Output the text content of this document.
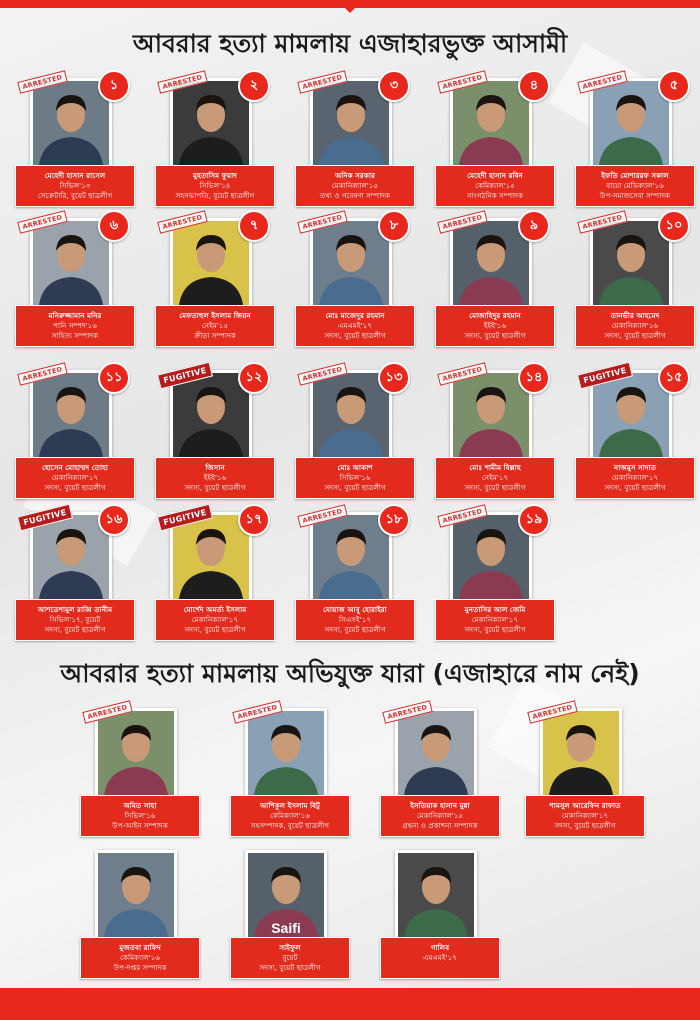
আবরার হত্যা মামলায় এজাহারভুক্ত আসামী
আবরার হত্যা মামলায় অভিযুক্ত যারা (এজাহারে নাম নেই)
ARRESTED	১
মেহেদী হাসান রাসেল
সিভিল'১৩
সেক্রেটারি, বুয়েট ছাত্রলীগ
ARRESTED	২
মুহতাসিম ফুয়াদ
সিভিল'১৪
সহসভাপতি, বুয়েট ছাত্রলীগ
ARRESTED	৩
অনিক সরকার
মেকানিক্যাল'১৫
তথ্য ও গবেষণা সম্পাদক
ARRESTED	৪
মেহেদী হাসান রবিন
কেমিক্যাল'১৫
সাংগঠনিক সম্পাদক
ARRESTED	৫
ইফতি মোশাররফ সকাল
বায়ো মেডিক্যাল'১৬
উপ-সমাজসেবা সম্পাদক
ARRESTED	৬
মনিরুজ্জামান মনির
পানি সম্পদ'১৬
সাহিত্য সম্পাদক
ARRESTED	৭
মেফতাহুল ইসলাম জিয়ন
নেইম'১৫
ক্রীড়া সম্পাদক
ARRESTED	৮
মোঃ মাজেদুর রহমান
এমএমই'১৭
সদস্য, বুয়েট ছাত্রলীগ
ARRESTED	৯
মোজাহিদুর রহমান
ইইই'১৬
সদস্য, বুয়েট ছাত্রলীগ
ARRESTED	১০
তানভীর আহমেদ
মেকানিক্যাল'১৬
সদস্য, বুয়েট ছাত্রলীগ
ARRESTED	১১
হোসেন মোহাম্মদ তোহা
মেকানিক্যাল'১৭
সদস্য, বুয়েট ছাত্রলীগ
FUGITIVE	১২
জিসান
ইইই'১৬
সদস্য, বুয়েট ছাত্রলীগ
ARRESTED	১৩
মোঃ আকাশ
সিভিল'১৬
সদস্য, বুয়েট ছাত্রলীগ
ARRESTED	১৪
মোঃ শামীম বিল্লাহ
নেইম'১৭
সদস্য, বুয়েট ছাত্রলীগ
FUGITIVE	১৫
নাজমুস সাদাত
মেকানিক্যাল'১৭
সদস্য, বুয়েট ছাত্রলীগ
FUGITIVE	১৬
আশতেশামুল রাব্বি তানীম
সিভিল'১৭, বুয়েট
সদস্য, বুয়েট ছাত্রলীগ
FUGITIVE	১৭
মোর্শেদ অমর্ত্য ইসলাম
মেকানিক্যাল'১৭
সদস্য, বুয়েট ছাত্রলীগ
ARRESTED	১৮
মোয়াজ আবু হোরাইরা
সিএসই'১৭
সদস্য, বুয়েট ছাত্রলীগ
ARRESTED	১৯
মুনতাসির আল জেমি
মেকানিক্যাল'১৭
সদস্য, বুয়েট ছাত্রলীগ
ARRESTED
অমিত সাহা
সিভিল'১৬
উপ-আইন সম্পাদক
ARRESTED
আশিকুল ইসলাম বিটু
কেমিক্যাল'১৬
সহসম্পাদক, বুয়েট ছাত্রলীগ
ARRESTED
ইসতিয়াক হাসান মুন্না
মেকানিক্যাল'১৫
গ্রন্থনা ও প্রকাশনা সম্পাদক
ARRESTED
শামসুল আরেফিন রাফাত
মেকানিক্যাল'১৭
সদস্য, বুয়েট ছাত্রলীগ
মুজতবা রাফিদ
কেমিক্যাল'১৬
উপ-দপ্তর সম্পাদক
Saifi
সাইফুল
বুয়েট
সদস্য, বুয়েট ছাত্রলীগ
গালিব
এমএমই'১৭
